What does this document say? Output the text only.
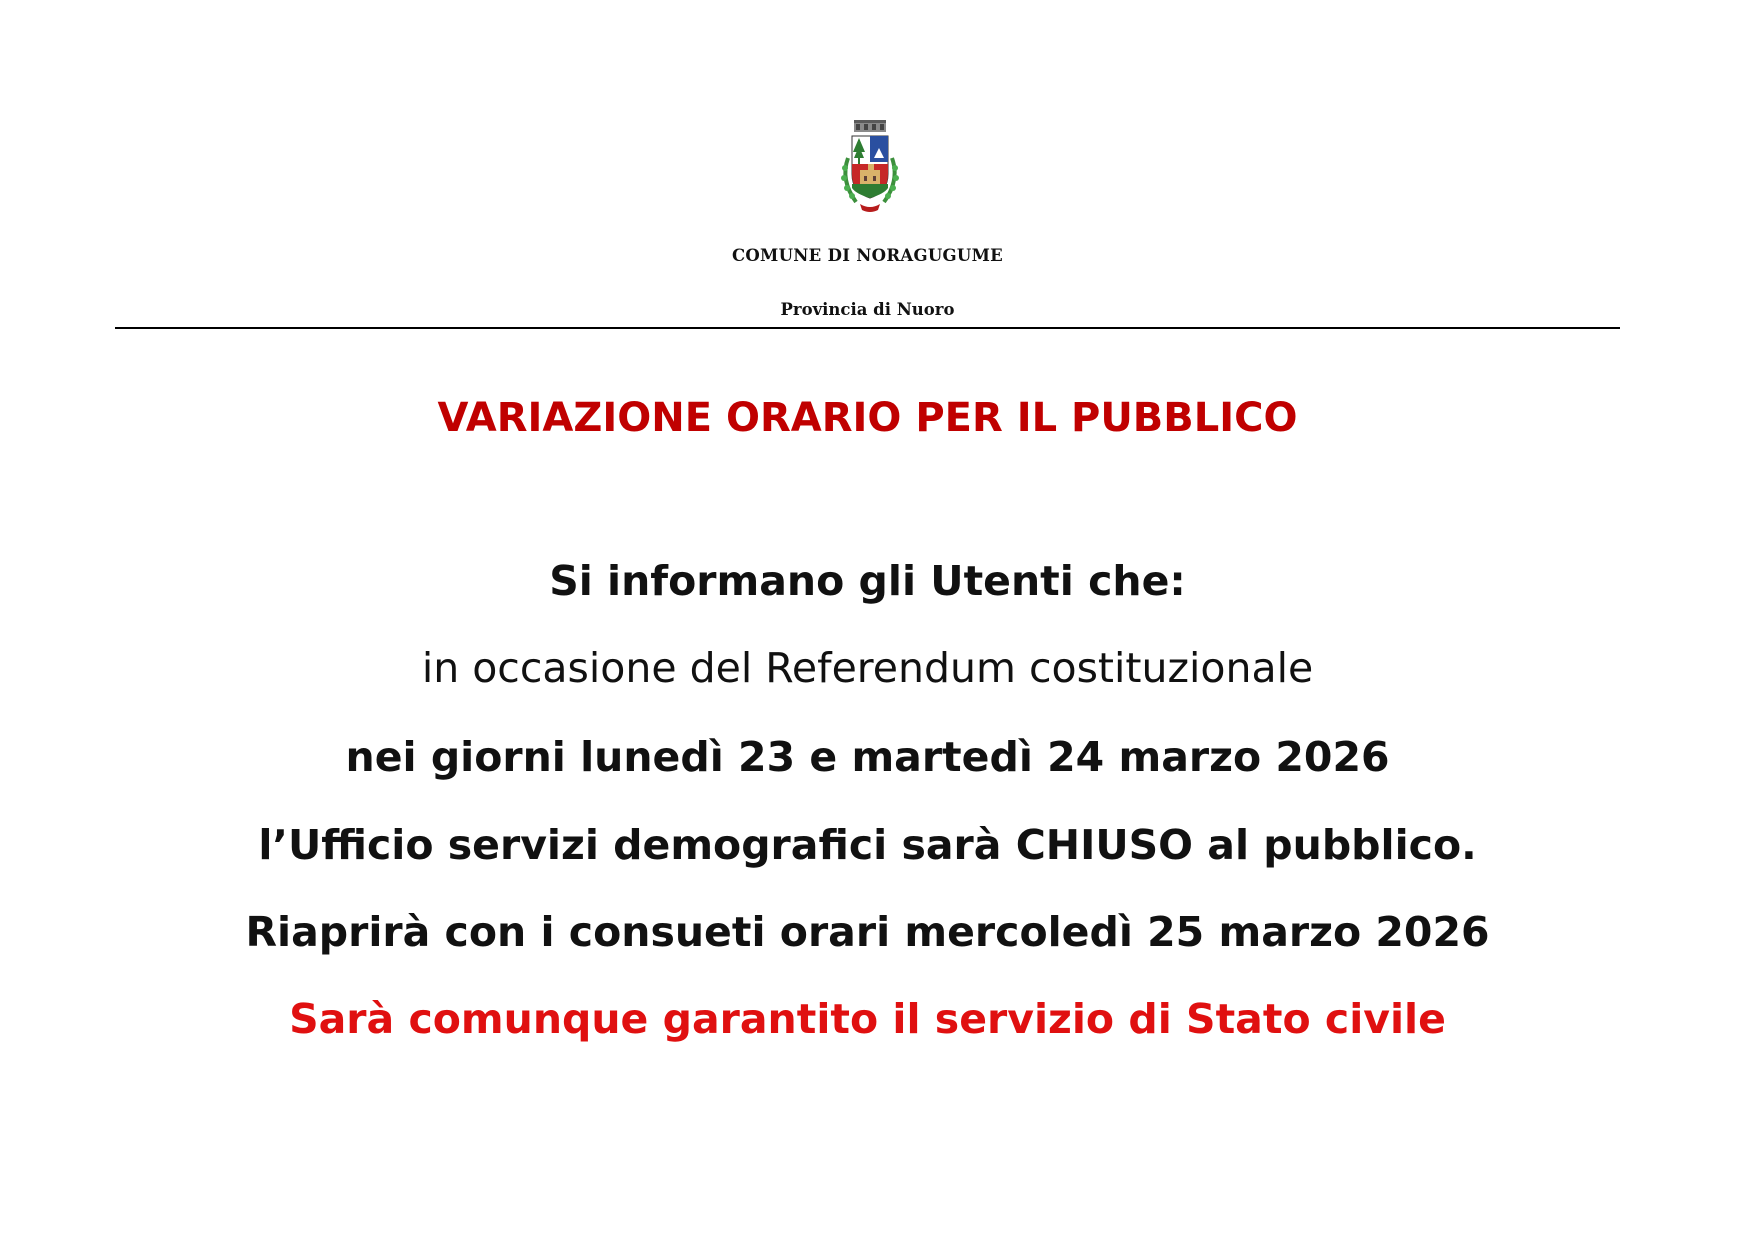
COMUNE DI NORAGUGUME
Provincia di Nuoro
VARIAZIONE ORARIO PER IL PUBBLICO
Si informano gli Utenti che:
in occasione del Referendum costituzionale
nei giorni lunedì 23 e martedì 24 marzo 2026
l’Ufficio servizi demografici sarà CHIUSO al pubblico.
Riaprirà con i consueti orari mercoledì 25 marzo 2026
Sarà comunque garantito il servizio di Stato civile
